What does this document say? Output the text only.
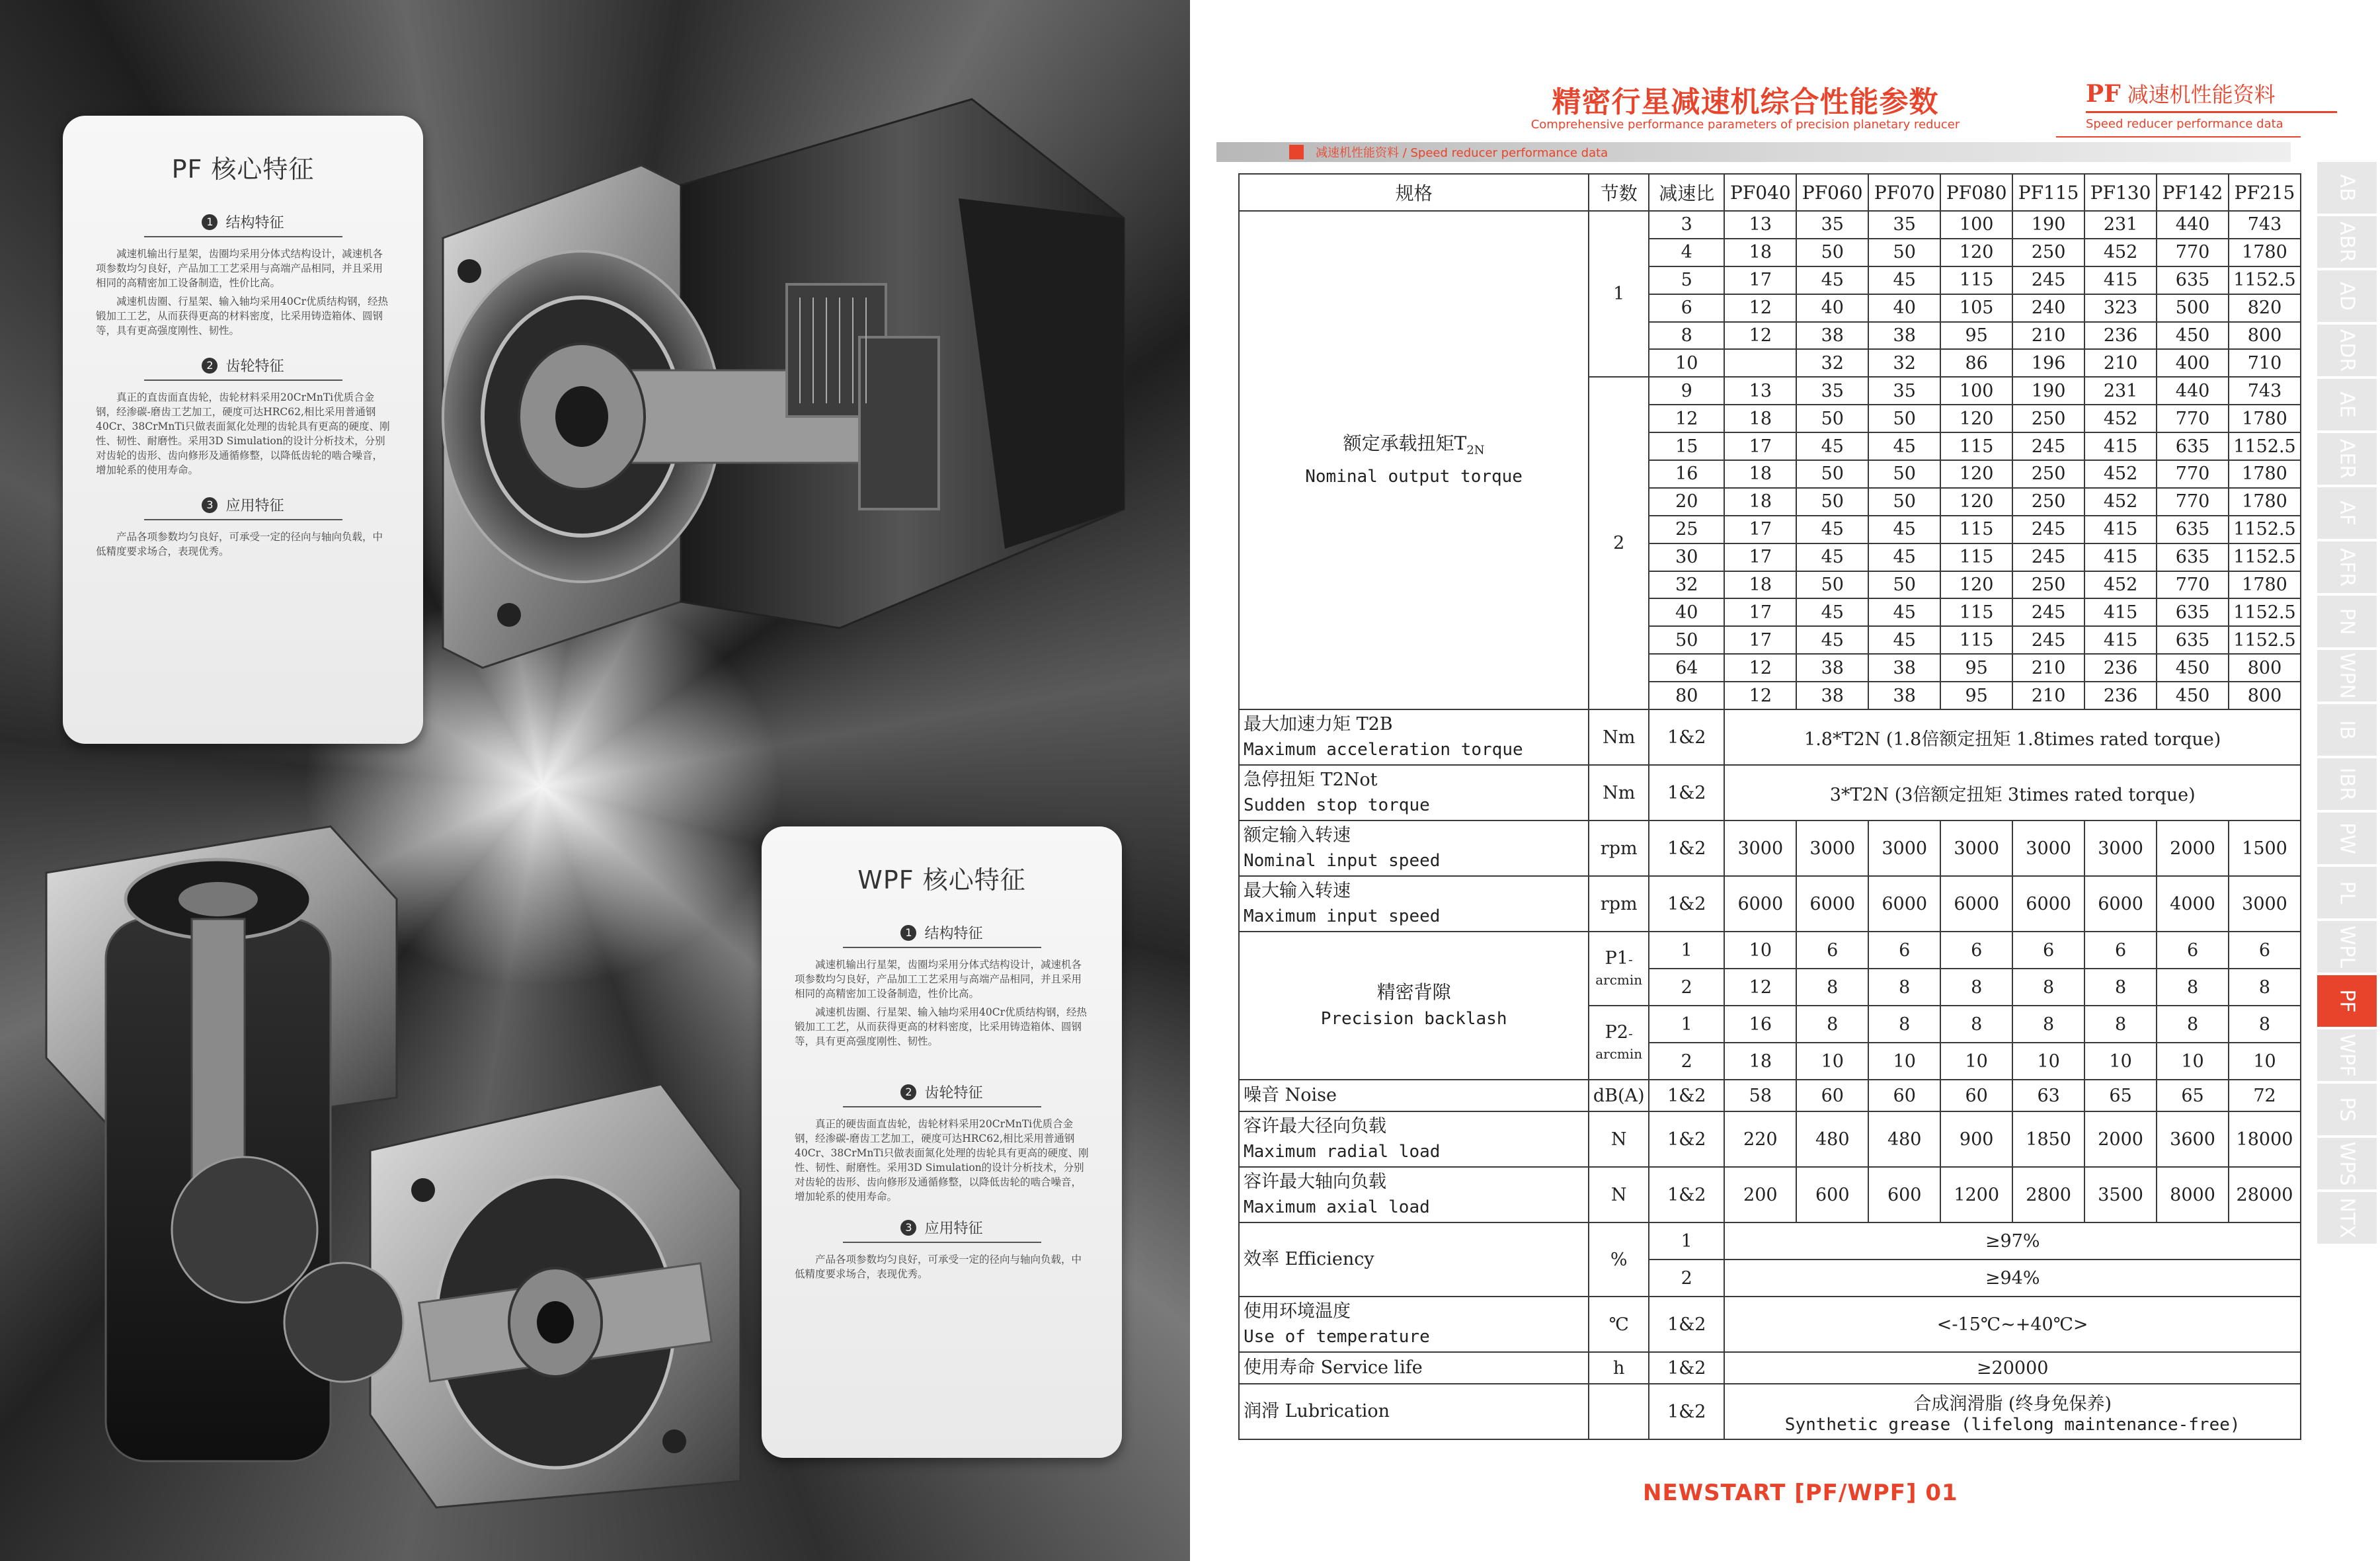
PF 核心特征
1 结构特征

减速机输出行星架，齿圈均采用分体式结构设计，减速机各项参数均匀良好，产品加工工艺采用与高端产品相同，并且采用相同的高精密加工设备制造，性价比高。

减速机齿圈、行星架、输入轴均采用40Cr优质结构钢，经热锻加工工艺，从而获得更高的材料密度，比采用铸造箱体、圆钢等，具有更高强度刚性、韧性。

2 齿轮特征

真正的直齿面直齿轮，齿轮材料采用20CrMnTi优质合金钢，经渗碳-磨齿工艺加工，硬度可达HRC62,相比采用普通钢40Cr、38CrMnTi只做表面氮化处理的齿轮具有更高的硬度、刚性、韧性、耐磨性。采用3D Simulation的设计分析技术，分别对齿轮的齿形、齿向修形及通循修整，以降低齿轮的啮合噪音，增加轮系的使用寿命。

3 应用特征

产品各项参数均匀良好，可承受一定的径向与轴向负载，中低精度要求场合，表现优秀。

WPF 核心特征
1 结构特征

减速机输出行星架，齿圈均采用分体式结构设计，减速机各项参数均匀良好，产品加工工艺采用与高端产品相同，并且采用相同的高精密加工设备制造，性价比高。

减速机齿圈、行星架、输入轴均采用40Cr优质结构钢，经热锻加工工艺，从而获得更高的材料密度，比采用铸造箱体、圆钢等，具有更高强度刚性、韧性。

2 齿轮特征

真正的硬齿面直齿轮，齿轮材料采用20CrMnTi优质合金钢，经渗碳-磨齿工艺加工，硬度可达HRC62,相比采用普通钢40Cr、38CrMnTi只做表面氮化处理的齿轮具有更高的硬度、刚性、韧性、耐磨性。采用3D Simulation的设计分析技术，分别对齿轮的齿形、齿向修形及通循修整，以降低齿轮的啮合噪音，增加轮系的使用寿命。

3 应用特征

产品各项参数均匀良好，可承受一定的径向与轴向负载，中低精度要求场合，表现优秀。

精密行星减速机综合性能参数
Comprehensive performance parameters of precision planetary reducer
PF 减速机性能资料
Speed reducer performance data
减速机性能资料 / Speed reducer performance data
AB
ABR
AD
ADR
AE
AER
AF
AFR
PN
WPN
IB
IBR
PW
PL
WPL
PF
WPF
PS
WPS
NTX
规格	节数	减速比	PF040	PF060	PF070	PF080	PF115	PF130	PF142	PF215

额定承载扭矩$T_{2N}$
Nominal output torque	1	3	13	35	35	100	190	231	440	743
		4	18	50	50	120	250	452	770	1780
		5	17	45	45	115	245	415	635	1152.5
		6	12	40	40	105	240	323	500	820
		8	12	38	38	95	210	236	450	800
		10		32	32	86	196	210	400	710
	2	9	13	35	35	100	190	231	440	743
		12	18	50	50	120	250	452	770	1780
		15	17	45	45	115	245	415	635	1152.5
		16	18	50	50	120	250	452	770	1780
		20	18	50	50	120	250	452	770	1780
		25	17	45	45	115	245	415	635	1152.5
		30	17	45	45	115	245	415	635	1152.5
		32	18	50	50	120	250	452	770	1780
		40	17	45	45	115	245	415	635	1152.5
		50	17	45	45	115	245	415	635	1152.5
		64	12	38	38	95	210	236	450	800
		80	12	38	38	95	210	236	450	800

最大加速力矩 T2B
Maximum acceleration torque	Nm	1&2	1.8*T2N (1.8倍额定扭矩 1.8times rated torque)							

急停扭矩 T2Not
Sudden stop torque	Nm	1&2	3*T2N (3倍额定扭矩 3times rated torque)							

额定输入转速
Nominal input speed	rpm	1&2	3000	3000	3000	3000	3000	3000	2000	1500

最大输入转速
Maximum input speed	rpm	1&2	6000	6000	6000	6000	6000	6000	4000	3000

精密背隙
Precision backlash	P1-arcmin	1	10	6	6	6	6	6	6	6
		2	12	8	8	8	8	8	8	8
	P2-arcmin	1	16	8	8	8	8	8	8	8
		2	18	10	10	10	10	10	10	10
噪音 Noise	dB(A)	1&2	58	60	60	60	63	65	65	72

容许最大径向负载
Maximum radial load	N	1&2	220	480	480	900	1850	2000	3600	18000

容许最大轴向负载
Maximum axial load	N	1&2	200	600	600	1200	2800	3500	8000	28000
效率 Efficiency	%	1	≥97%							
		2	≥94%							

使用环境温度
Use of temperature	℃	1&2	<-15℃~+40℃>							
使用寿命 Service life	h	1&2	≥20000							
润滑 Lubrication		1&2	合成润滑脂 (终身免保养)
Synthetic grease (lifelong maintenance-free)							
NEWSTART [PF/WPF] 01
